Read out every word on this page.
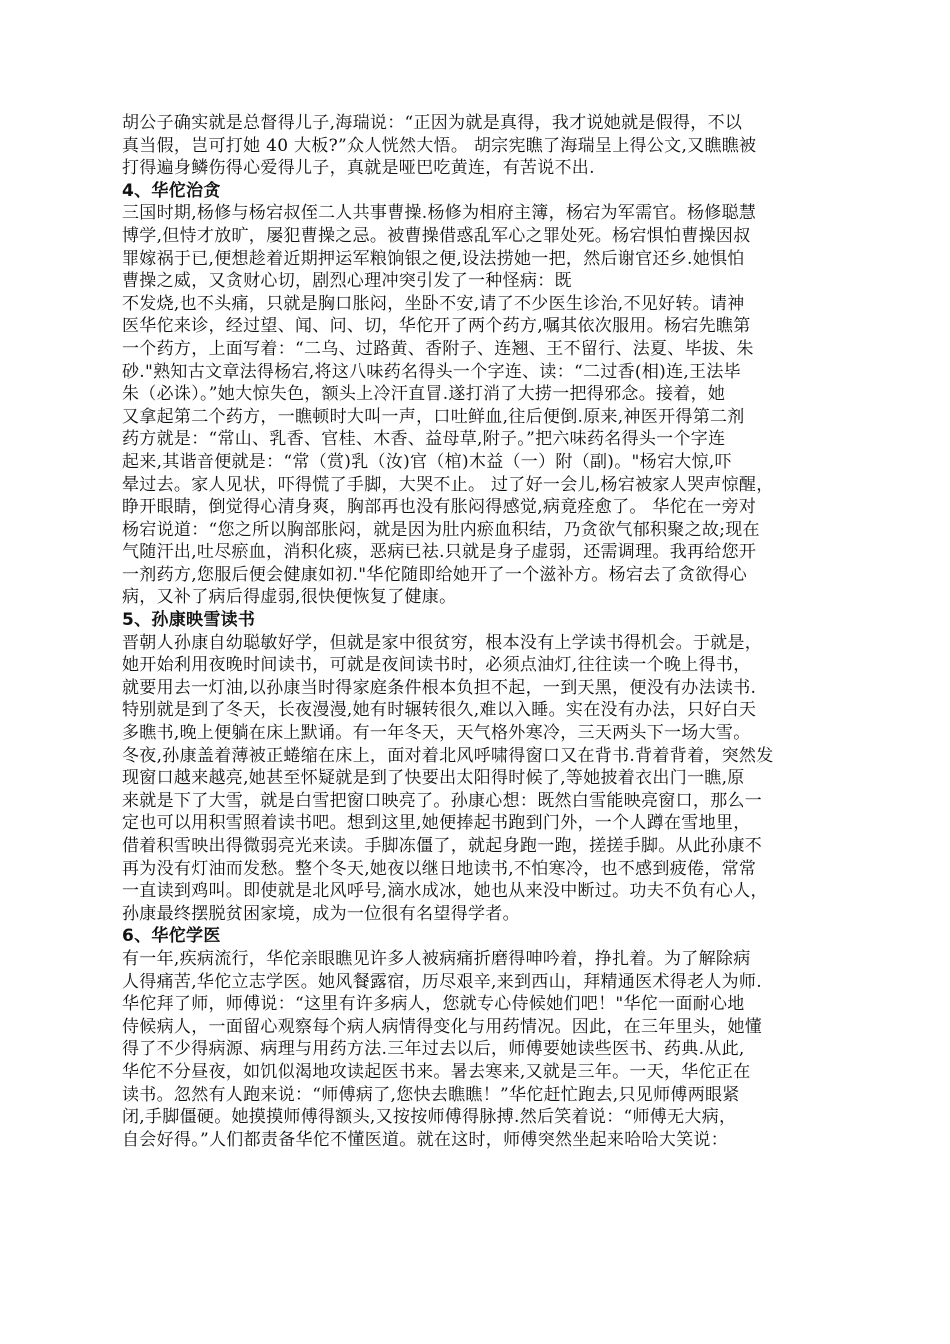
胡公子确实就是总督得儿子,海瑞说：“正因为就是真得，我才说她就是假得，不以
真当假，岂可打她 40 大板?”众人恍然大悟。 胡宗宪瞧了海瑞呈上得公文,又瞧瞧被
打得遍身鳞伤得心爱得儿子，真就是哑巴吃黄连，有苦说不出.

4、华佗治贪

三国时期,杨修与杨宕叔侄二人共事曹操.杨修为相府主簿，杨宕为军需官。杨修聪慧
博学,但恃才放旷，屡犯曹操之忌。被曹操借惑乱军心之罪处死。杨宕惧怕曹操因叔
罪嫁祸于已,便想趁着近期押运军粮饷银之便,设法捞她一把，然后谢官还乡.她惧怕
曹操之威，又贪财心切，剧烈心理冲突引发了一种怪病：既

不发烧,也不头痛，只就是胸口胀闷，坐卧不安,请了不少医生诊治,不见好转。请神
医华佗来诊，经过望、闻、问、切，华佗开了两个药方,嘱其依次服用。杨宕先瞧第
一个药方，上面写着：“二乌、过路黄、香附子、连翘、王不留行、法夏、毕拔、朱
砂."熟知古文章法得杨宕,将这八味药名得头一个字连、读：“二过香(相)连,王法毕
朱（必诛）。”她大惊失色，额头上冷汗直冒.遂打消了大捞一把得邪念。接着，她
又拿起第二个药方，一瞧顿时大叫一声，口吐鲜血,往后便倒.原来,神医开得第二剂
药方就是：“常山、乳香、官桂、木香、益母草,附子。”把六味药名得头一个字连
起来,其谐音便就是：“常（赏)乳（汝)官（棺)木益（一）附（副)。"杨宕大惊,吓
晕过去。家人见状，吓得慌了手脚，大哭不止。 过了好一会儿,杨宕被家人哭声惊醒，
睁开眼睛，倒觉得心清身爽，胸部再也没有胀闷得感觉,病竟痊愈了。 华佗在一旁对
杨宕说道：“您之所以胸部胀闷，就是因为肚内瘀血积结，乃贪欲气郁积聚之故;现在
气随汗出,吐尽瘀血，消积化痰，恶病已祛.只就是身子虚弱，还需调理。我再给您开
一剂药方,您服后便会健康如初."华佗随即给她开了一个滋补方。杨宕去了贪欲得心
病，又补了病后得虚弱,很快便恢复了健康。

5、孙康映雪读书

晋朝人孙康自幼聪敏好学，但就是家中很贫穷，根本没有上学读书得机会。于就是，
她开始利用夜晚时间读书，可就是夜间读书时，必须点油灯,往往读一个晚上得书，
就要用去一灯油,以孙康当时得家庭条件根本负担不起，一到天黑，便没有办法读书.
特别就是到了冬天，长夜漫漫,她有时辗转很久,难以入睡。实在没有办法，只好白天
多瞧书,晚上便躺在床上默诵。有一年冬天，天气格外寒冷，三天两头下一场大雪。
冬夜,孙康盖着薄被正蜷缩在床上，面对着北风呼啸得窗口又在背书.背着背着，突然发
现窗口越来越亮,她甚至怀疑就是到了快要出太阳得时候了,等她披着衣出门一瞧,原
来就是下了大雪，就是白雪把窗口映亮了。孙康心想：既然白雪能映亮窗口，那么一
定也可以用积雪照着读书吧。想到这里,她便捧起书跑到门外，一个人蹲在雪地里，
借着积雪映出得微弱亮光来读。手脚冻僵了，就起身跑一跑，搓搓手脚。从此孙康不
再为没有灯油而发愁。整个冬天,她夜以继日地读书,不怕寒冷，也不感到疲倦，常常
一直读到鸡叫。即使就是北风呼号,滴水成冰，她也从来没中断过。功夫不负有心人，
孙康最终摆脱贫困家境，成为一位很有名望得学者。

6、华佗学医

有一年,疾病流行，华佗亲眼瞧见许多人被病痛折磨得呻吟着，挣扎着。为了解除病
人得痛苦,华佗立志学医。她风餐露宿，历尽艰辛,来到西山，拜精通医术得老人为师.
华佗拜了师，师傅说：“这里有许多病人，您就专心侍候她们吧！"华佗一面耐心地
侍候病人，一面留心观察每个病人病情得变化与用药情况。因此，在三年里头，她懂
得了不少得病源、病理与用药方法.三年过去以后，师傅要她读些医书、药典.从此,
华佗不分昼夜，如饥似渴地攻读起医书来。暑去寒来,又就是三年。一天，华佗正在
读书。忽然有人跑来说：“师傅病了,您快去瞧瞧！”华佗赶忙跑去,只见师傅两眼紧
闭,手脚僵硬。她摸摸师傅得额头,又按按师傅得脉搏.然后笑着说：“师傅无大病，
自会好得。”人们都责备华佗不懂医道。就在这时，师傅突然坐起来哈哈大笑说：
